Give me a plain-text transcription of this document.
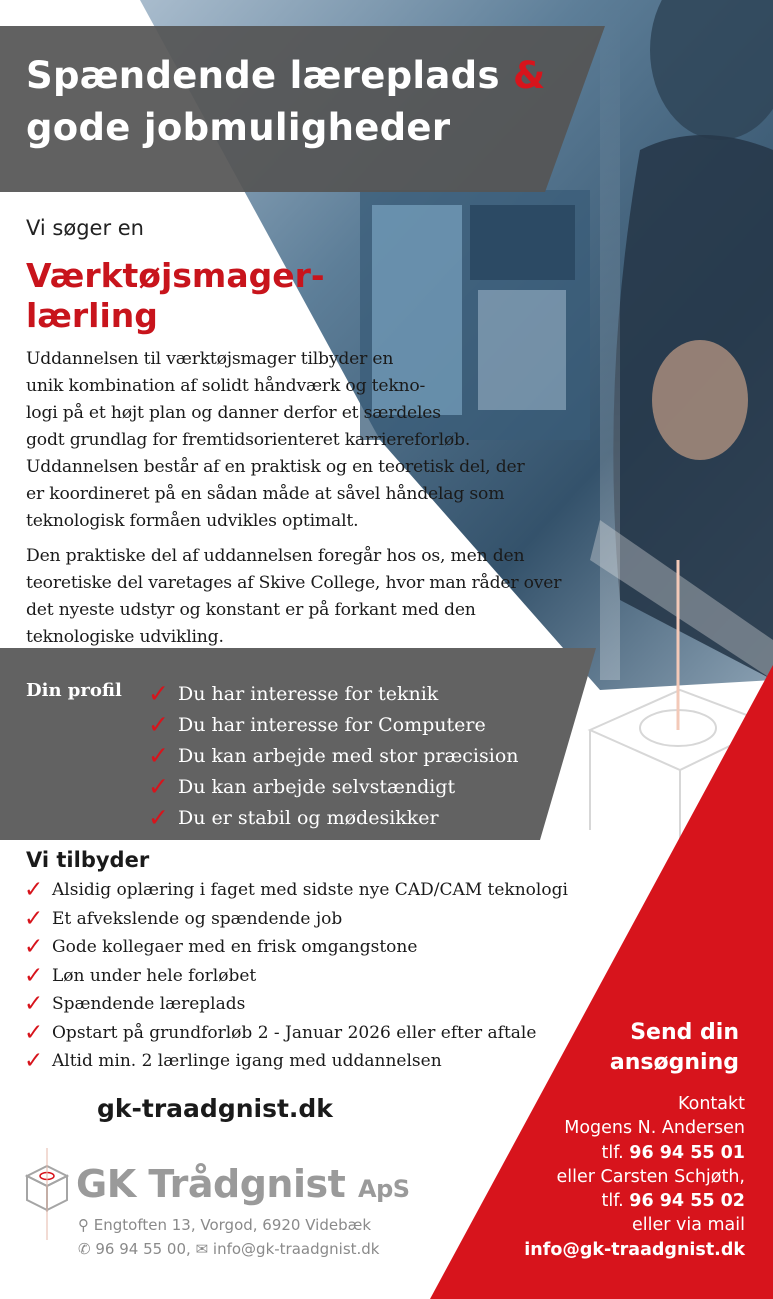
Spændende læreplads &
gode jobmuligheder
Vi søger en
Værktøjsmager-
lærling
Uddannelsen til værktøjsmager tilbyder en
unik kombination af solidt håndværk og tekno-
logi på et højt plan og danner derfor et særdeles
godt grundlag for fremtidsorienteret karriereforløb.
Uddannelsen består af en praktisk og en teoretisk del, der
er koordineret på en sådan måde at såvel håndelag som
teknologisk formåen udvikles optimalt.
Den praktiske del af uddannelsen foregår hos os, men den
teoretiske del varetages af Skive College, hvor man råder over
det nyeste udstyr og konstant er på forkant med den
teknologiske udvikling.
Din profil ✓ Du har interesse for teknik
✓ Du har interesse for Computere
✓ Du kan arbejde med stor præcision
✓ Du kan arbejde selvstændigt
✓ Du er stabil og mødesikker
Vi tilbyder
✓ Alsidig oplæring i faget med sidste nye CAD/CAM teknologi
✓ Et afvekslende og spændende job
✓ Gode kollegaer med en frisk omgangstone
✓ Løn under hele forløbet
✓ Spændende læreplads
✓ Opstart på grundforløb 2 - Januar 2026 eller efter aftale
✓ Altid min. 2 lærlinge igang med uddannelsen
gk-traadgnist.dk
GK Trådgnist ApS
⚲ Engtoften 13, Vorgod, 6920 Videbæk
✆ 96 94 55 00, ✉ info@gk-traadgnist.dk
Send din
ansøgning
Kontakt
Mogens N. Andersen
tlf. 96 94 55 01
eller Carsten Schjøth,
tlf. 96 94 55 02
eller via mail
info@gk-traadgnist.dk
